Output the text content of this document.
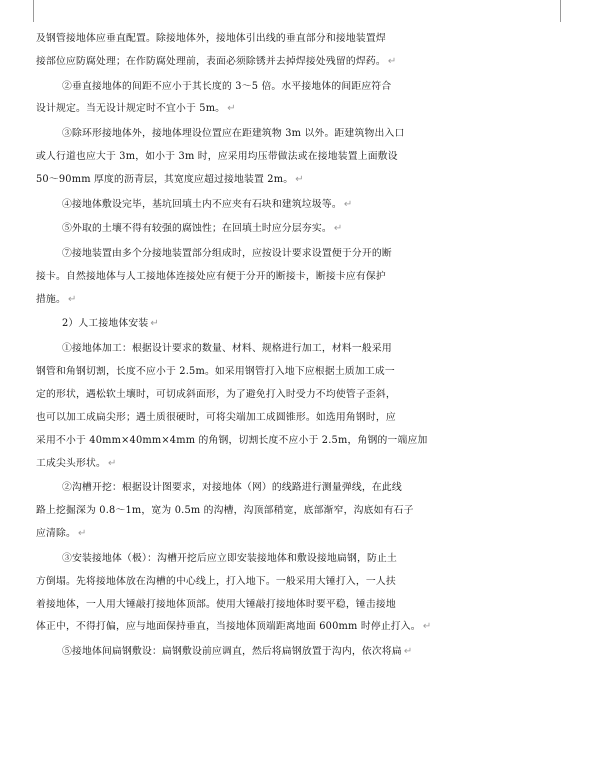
及钢管接地体应垂直配置。除接地体外，接地体引出线的垂直部分和接地装置焊
接部位应防腐处理；在作防腐处理前，表面必须除锈并去掉焊接处残留的焊药。 ↵
②垂直接地体的间距不应小于其长度的 3～5 倍。水平接地体的间距应符合
设计规定。当无设计规定时不宜小于 5m。 ↵
③除环形接地体外，接地体埋设位置应在距建筑物 3m 以外。距建筑物出入口
或人行道也应大于 3m，如小于 3m 时，应采用均压带做法或在接地装置上面敷设
50～90mm 厚度的沥青层，其宽度应超过接地装置 2m。 ↵
④接地体敷设完毕，基坑回填土内不应夹有石块和建筑垃圾等。 ↵
⑤外取的土壤不得有较强的腐蚀性；在回填土时应分层夯实。 ↵
⑦接地装置由多个分接地装置部分组成时，应按设计要求设置便于分开的断
接卡。自然接地体与人工接地体连接处应有便于分开的断接卡，断接卡应有保护
措施。 ↵
2）人工接地体安装 ↵
①接地体加工：根据设计要求的数量、材料、规格进行加工，材料一般采用
钢管和角钢切割，长度不应小于 2.5m。如采用钢管打入地下应根据土质加工成一
定的形状，遇松软土壤时，可切成斜面形，为了避免打入时受力不均使管子歪斜，
也可以加工成扁尖形；遇土质很硬时，可将尖端加工成圆锥形。如选用角钢时，应
采用不小于 40mm×40mm×4mm 的角钢，切割长度不应小于 2.5m，角钢的一端应加
工成尖头形状。 ↵
②沟槽开挖：根据设计图要求，对接地体（网）的线路进行测量弹线，在此线
路上挖掘深为 0.8～1m，宽为 0.5m 的沟槽，沟顶部稍宽，底部渐窄，沟底如有石子
应清除。 ↵
③安装接地体（极）：沟槽开挖后应立即安装接地体和敷设接地扁钢，防止土
方倒塌。先将接地体放在沟槽的中心线上，打入地下。一般采用大锤打入，一人扶
着接地体，一人用大锤敲打接地体顶部。使用大锤敲打接地体时要平稳，锤击接地
体正中，不得打偏，应与地面保持垂直，当接地体顶端距离地面 600mm 时停止打入。 ↵
⑤接地体间扁钢敷设：扁钢敷设前应调直，然后将扁钢放置于沟内，依次将扁 ↵
